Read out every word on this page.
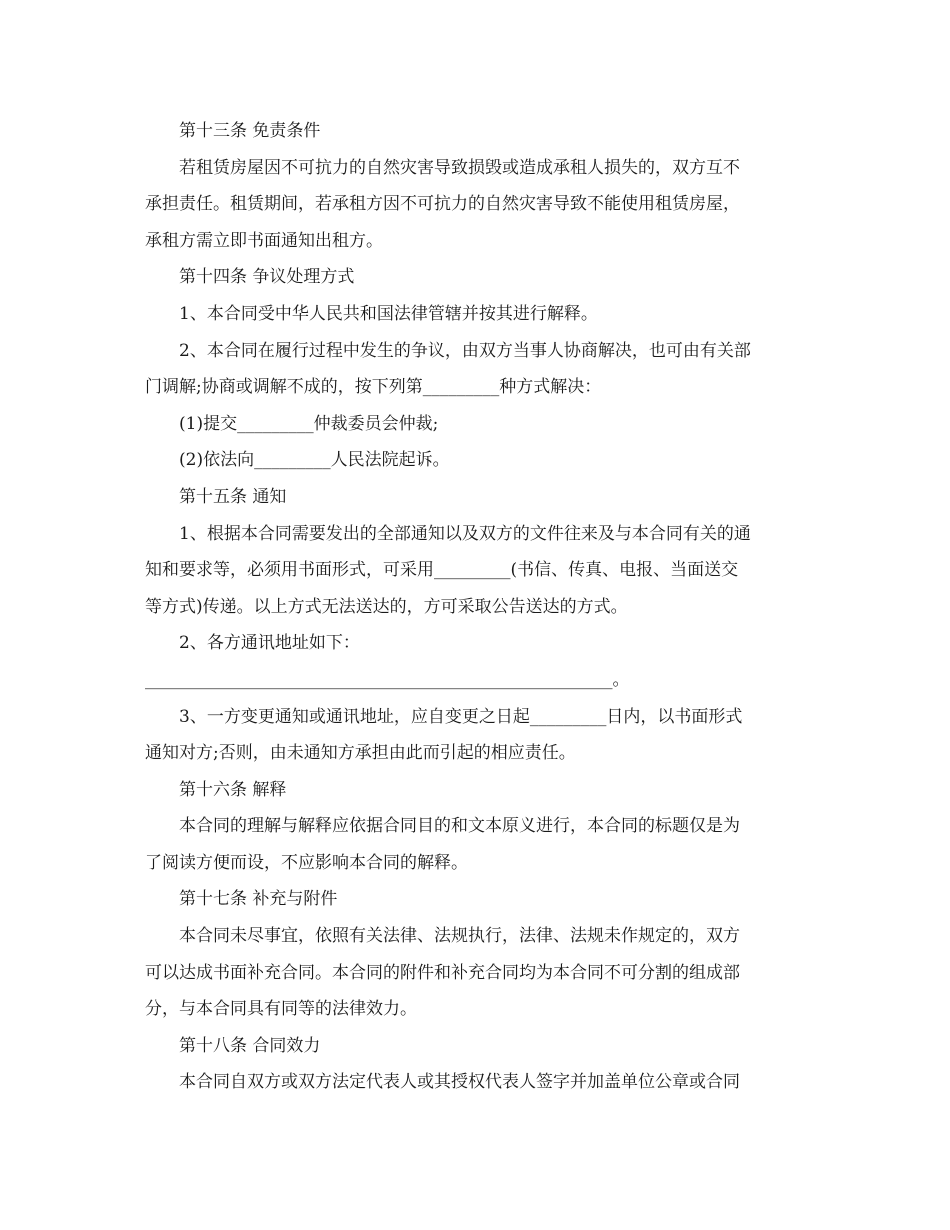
第十三条 免责条件
若租赁房屋因不可抗力的自然灾害导致损毁或造成承租人损失的，双方互不
承担责任。租赁期间，若承租方因不可抗力的自然灾害导致不能使用租赁房屋，
承租方需立即书面通知出租方。
第十四条 争议处理方式
1、本合同受中华人民共和国法律管辖并按其进行解释。
2、本合同在履行过程中发生的争议，由双方当事人协商解决，也可由有关部
门调解;协商或调解不成的，按下列第_________种方式解决：
(1)提交_________仲裁委员会仲裁;
(2)依法向_________人民法院起诉。
第十五条 通知
1、根据本合同需要发出的全部通知以及双方的文件往来及与本合同有关的通
知和要求等，必须用书面形式，可采用_________(书信、传真、电报、当面送交
等方式)传递。以上方式无法送达的，方可采取公告送达的方式。
2、各方通讯地址如下：
_______________________________________________________。
3、一方变更通知或通讯地址，应自变更之日起_________日内，以书面形式
通知对方;否则，由未通知方承担由此而引起的相应责任。
第十六条 解释
本合同的理解与解释应依据合同目的和文本原义进行，本合同的标题仅是为
了阅读方便而设，不应影响本合同的解释。
第十七条 补充与附件
本合同未尽事宜，依照有关法律、法规执行，法律、法规未作规定的，双方
可以达成书面补充合同。本合同的附件和补充合同均为本合同不可分割的组成部
分，与本合同具有同等的法律效力。
第十八条 合同效力
本合同自双方或双方法定代表人或其授权代表人签字并加盖单位公章或合同
